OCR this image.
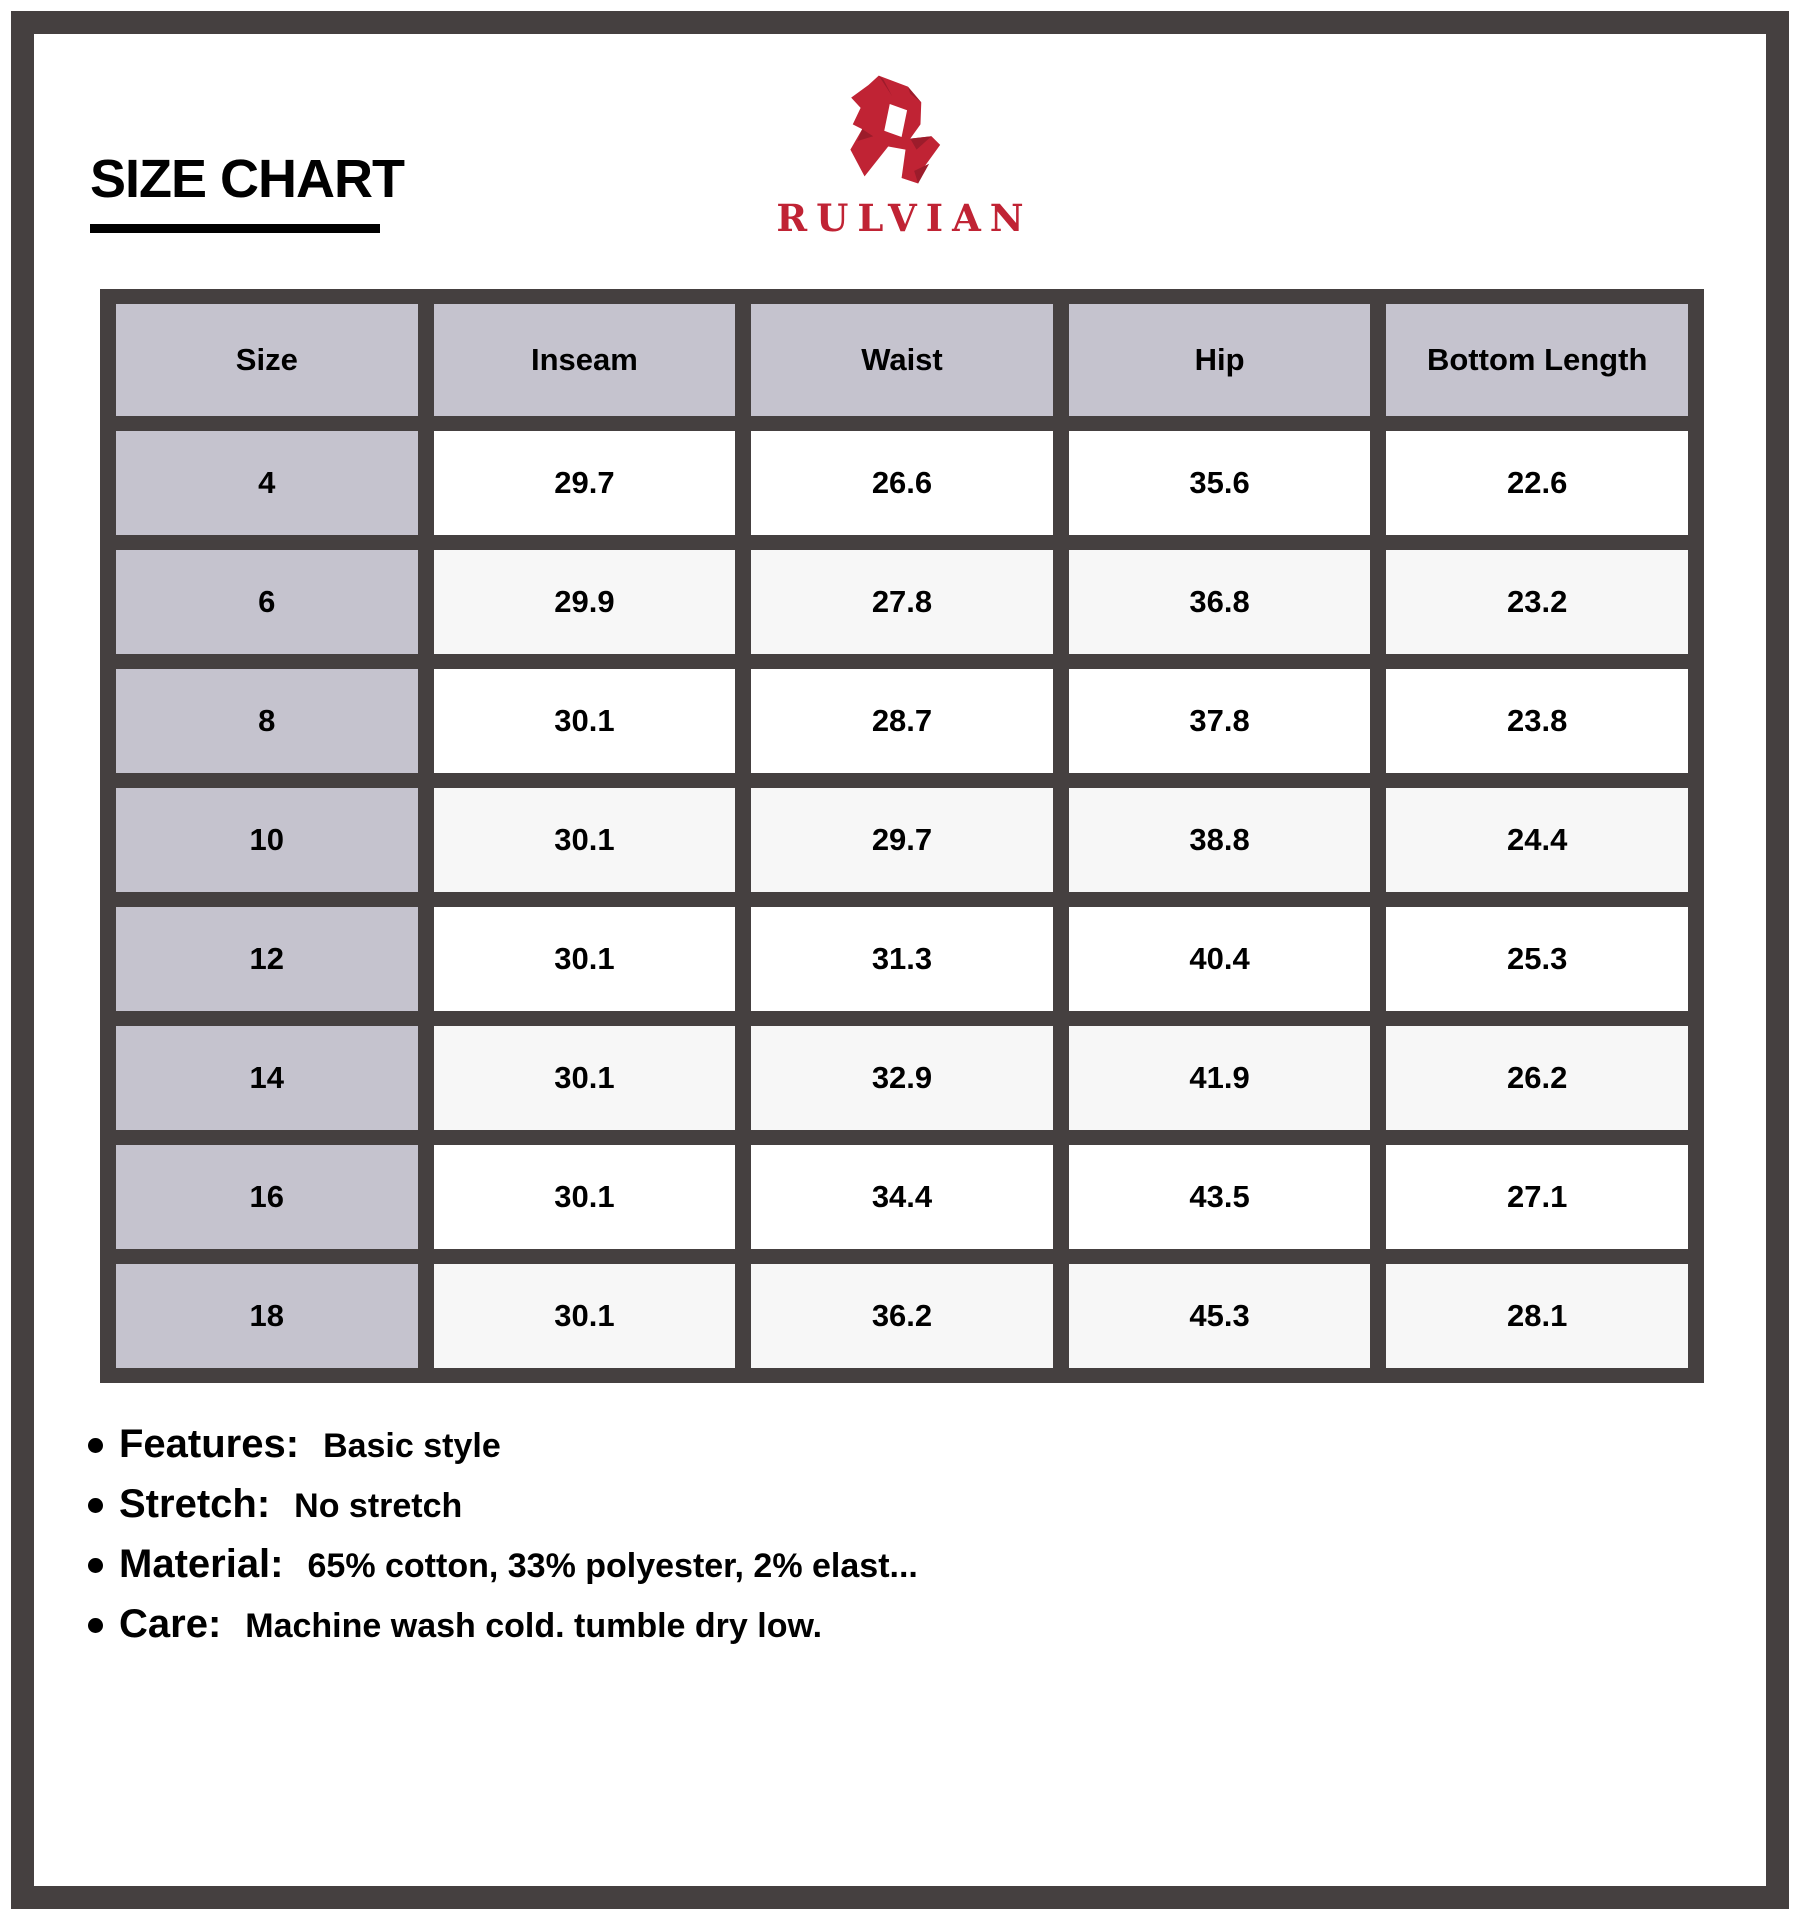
SIZE CHART
RULVIAN
Size	Inseam	Waist	Hip	Bottom Length
4	29.7	26.6	35.6	22.6
6	29.9	27.8	36.8	23.2
8	30.1	28.7	37.8	23.8
10	30.1	29.7	38.8	24.4
12	30.1	31.3	40.4	25.3
14	30.1	32.9	41.9	26.2
16	30.1	34.4	43.5	27.1
18	30.1	36.2	45.3	28.1
Features: Basic style
Stretch: No stretch
Material: 65% cotton, 33% polyester, 2% elast...
Care: Machine wash cold. tumble dry low.
